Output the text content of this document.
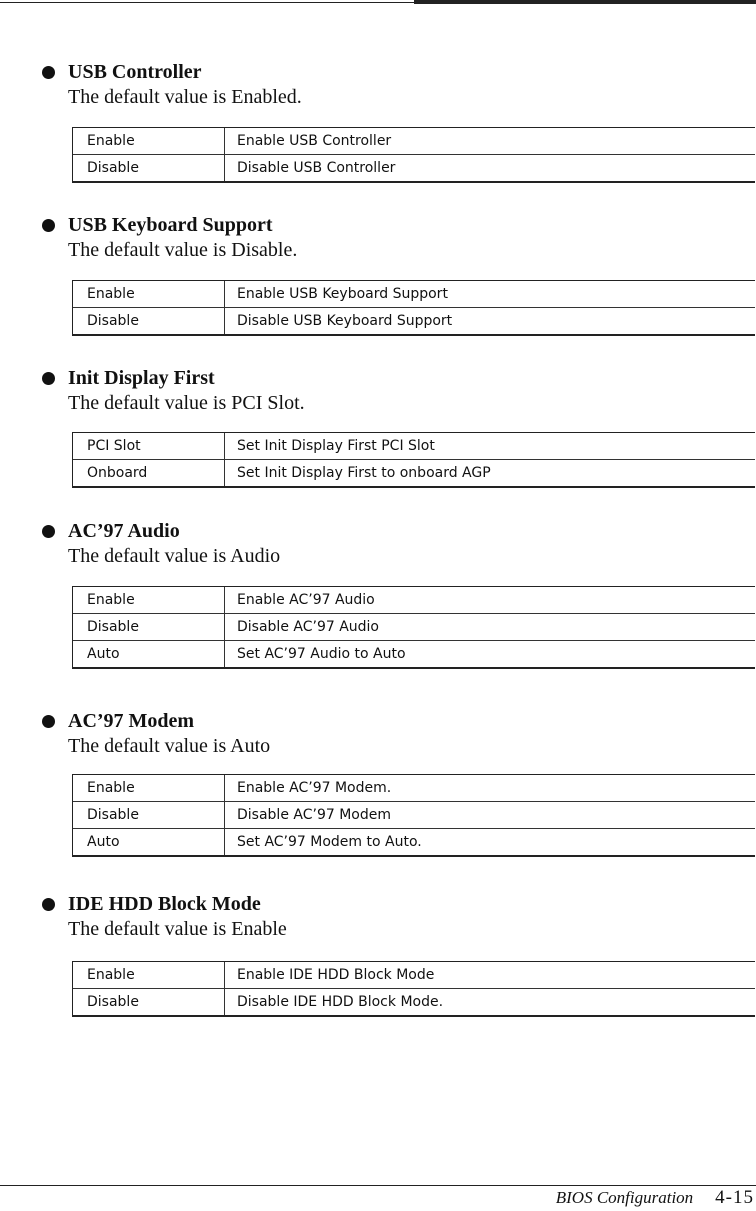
USB Controller
The default value is Enabled.
Enable	Enable USB Controller
Disable	Disable USB Controller
USB Keyboard Support
The default value is Disable.
Enable	Enable USB Keyboard Support
Disable	Disable USB Keyboard Support
Init Display First
The default value is PCI Slot.
PCI Slot	Set Init Display First PCI Slot
Onboard	Set Init Display First to onboard AGP
AC’97 Audio
The default value is Audio
Enable	Enable AC’97 Audio
Disable	Disable AC’97 Audio
Auto	Set AC’97 Audio to Auto
AC’97 Modem
The default value is Auto
Enable	Enable AC’97 Modem.
Disable	Disable AC’97 Modem
Auto	Set AC’97 Modem to Auto.
IDE HDD Block Mode
The default value is Enable
Enable	Enable IDE HDD Block Mode
Disable	Disable IDE HDD Block Mode.
BIOS Configuration 4-15
